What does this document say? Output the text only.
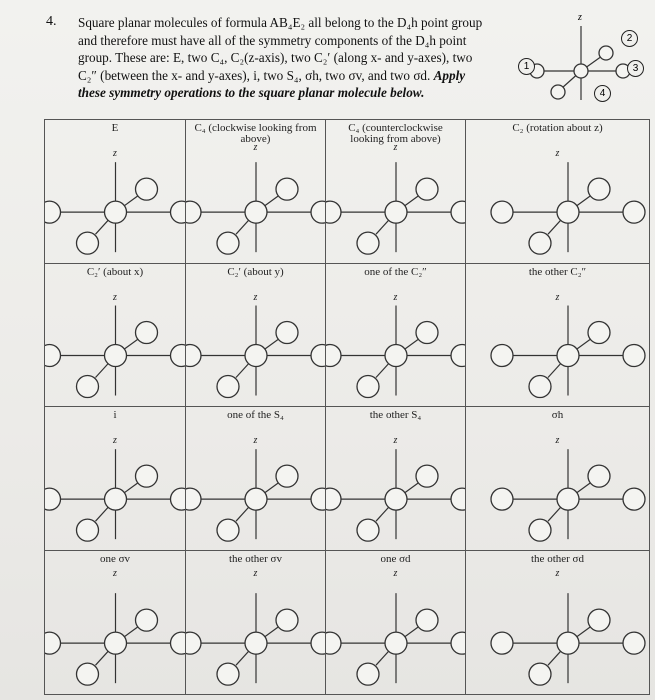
4. Square planar molecules of formula AB₄E₂ all belong to the D₄h point group
and therefore must have all of the symmetry components of the D₄h point
group. These are: E, two C₄, C₂(z-axis), two C₂′ (along x- and y-axes), two
C₂″ (between the x- and y-axes), i, two S₄, σh, two σv, and two σd. Apply
these symmetry operations to the square planar molecule below.
z
1
2
3
4
E
z
C₄ (clockwise looking from above)
z
C₄ (counterclockwise looking from above)
z
C₂ (rotation about z)
z
C₂′ (about x)
z
C₂′ (about y)
z
one of the C₂″
z
the other C₂″
z
i
z
one of the S₄
z
the other S₄
z
σh
z
one σv
z
the other σv
z
one σd
z
the other σd
z
